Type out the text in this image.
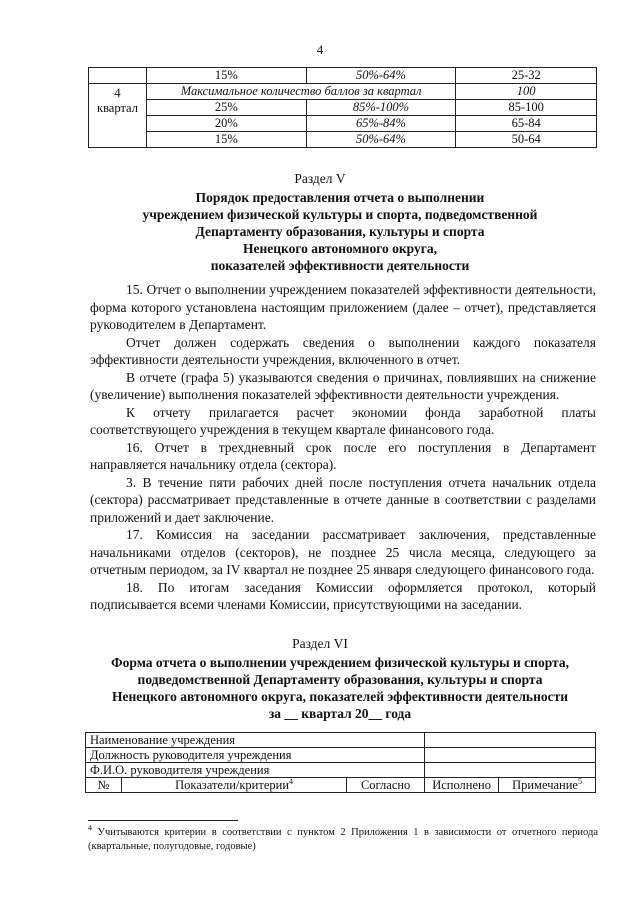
4
	15%	50%-64%	25-32
4 квартал	Максимальное количество баллов за квартал		100
	25%	85%-100%	85-100
	20%	65%-84%	65-84
	15%	50%-64%	50-64
Раздел V
Порядок предоставления отчета о выполнении
учреждением физической культуры и спорта, подведомственной
Департаменту образования, культуры и спорта
Ненецкого автономного округа,
показателей эффективности деятельности

15. Отчет о выполнении учреждением показателей эффективности деятельности, форма которого установлена настоящим приложением (далее – отчет), представляется руководителем в Департамент.

Отчет должен содержать сведения о выполнении каждого показателя эффективности деятельности учреждения, включенного в отчет.

В отчете (графа 5) указываются сведения о причинах, повлиявших на снижение (увеличение) выполнения показателей эффективности деятельности учреждения.

К отчету прилагается расчет экономии фонда заработной платы соответствующего учреждения в текущем квартале финансового года.

16. Отчет в трехдневный срок после его поступления в Департамент направляется начальнику отдела (сектора).

3. В течение пяти рабочих дней после поступления отчета начальник отдела (сектора) рассматривает представленные в отчете данные в соответствии с разделами приложений и дает заключение.

17. Комиссия на заседании рассматривает заключения, представленные начальниками отделов (секторов), не позднее 25 числа месяца, следующего за отчетным периодом, за IV квартал не позднее 25 января следующего финансового года.

18. По итогам заседания Комиссии оформляется протокол, который подписывается всеми членами Комиссии, присутствующими на заседании.

Раздел VI
Форма отчета о выполнении учреждением физической культуры и спорта,
подведомственной Департаменту образования, культуры и спорта
Ненецкого автономного округа, показателей эффективности деятельности
за __ квартал 20__ года
Наименование учреждения				
Должность руководителя учреждения				
Ф.И.О. руководителя учреждения				
№	Показатели/критерии$^4$	Согласно	Исполнено	Примечание$^5$
$^4$ Учитываются критерии в соответствии с пунктом 2 Приложения 1 в зависимости от отчетного периода (квартальные, полугодовые, годовые)
